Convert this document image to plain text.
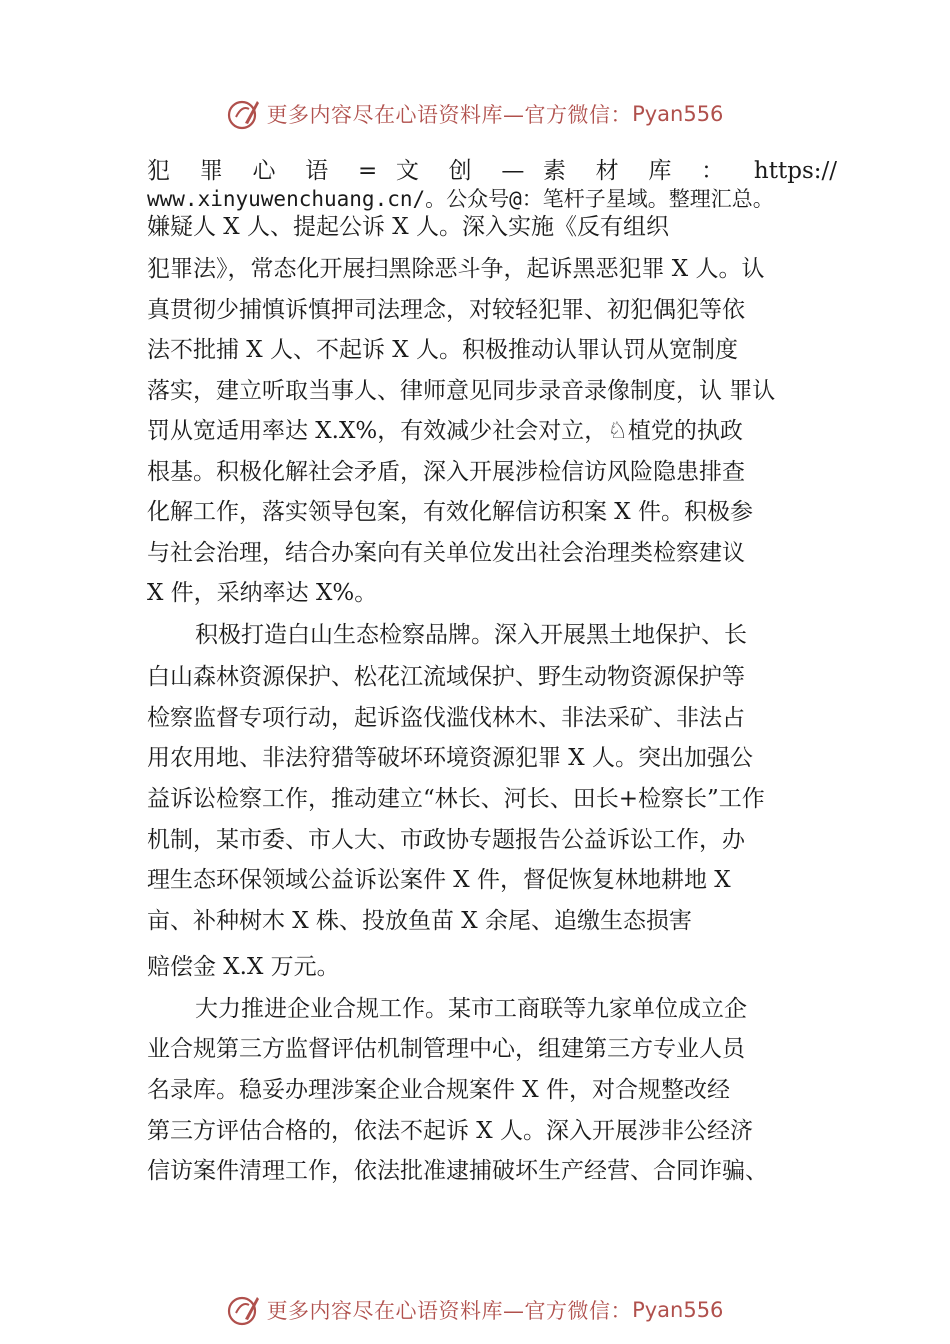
更多内容尽在心语资料库—官方微信： Pyan556
犯 罪 心 语 = 文 创 — 素 材 库 ： https://
www.xinyuwenchuang.cn/。公众号@：笔杆子星域。整理汇总。
嫌疑人 X 人、提起公诉 X 人。深入实施《反有组织
犯罪法》，常态化开展扫黑除恶斗争，起诉黑恶犯罪 X 人。认
真贯彻少捕慎诉慎押司法理念，对较轻犯罪、初犯偶犯等依
法不批捕 X 人、不起诉 X 人。积极推动认罪认罚从宽制度
落实，建立听取当事人、律师意见同步录音录像制度，认 罪认
罚从宽适用率达 X.X%，有效减少社会对立，♘植党的执政
根基。积极化解社会矛盾，深入开展涉检信访风险隐患排查
化解工作，落实领导包案，有效化解信访积案 X 件。积极参
与社会治理，结合办案向有关单位发出社会治理类检察建议
X 件，采纳率达 X%。
积极打造白山生态检察品牌。深入开展黑土地保护、长
白山森林资源保护、松花江流域保护、野生动物资源保护等
检察监督专项行动，起诉盗伐滥伐林木、非法采矿、非法占
用农用地、非法狩猎等破坏环境资源犯罪 X 人。突出加强公
益诉讼检察工作，推动建立“林长、河长、田长+检察长”工作
机制，某市委、市人大、市政协专题报告公益诉讼工作，办
理生态环保领域公益诉讼案件 X 件，督促恢复林地耕地 X
亩、补种树木 X 株、投放鱼苗 X 余尾、追缴生态损害
赔偿金 X.X 万元。
大力推进企业合规工作。某市工商联等九家单位成立企
业合规第三方监督评估机制管理中心，组建第三方专业人员
名录库。稳妥办理涉案企业合规案件 X 件，对合规整改经
第三方评估合格的，依法不起诉 X 人。深入开展涉非公经济
信访案件清理工作，依法批准逮捕破坏生产经营、合同诈骗、
更多内容尽在心语资料库—官方微信： Pyan556
